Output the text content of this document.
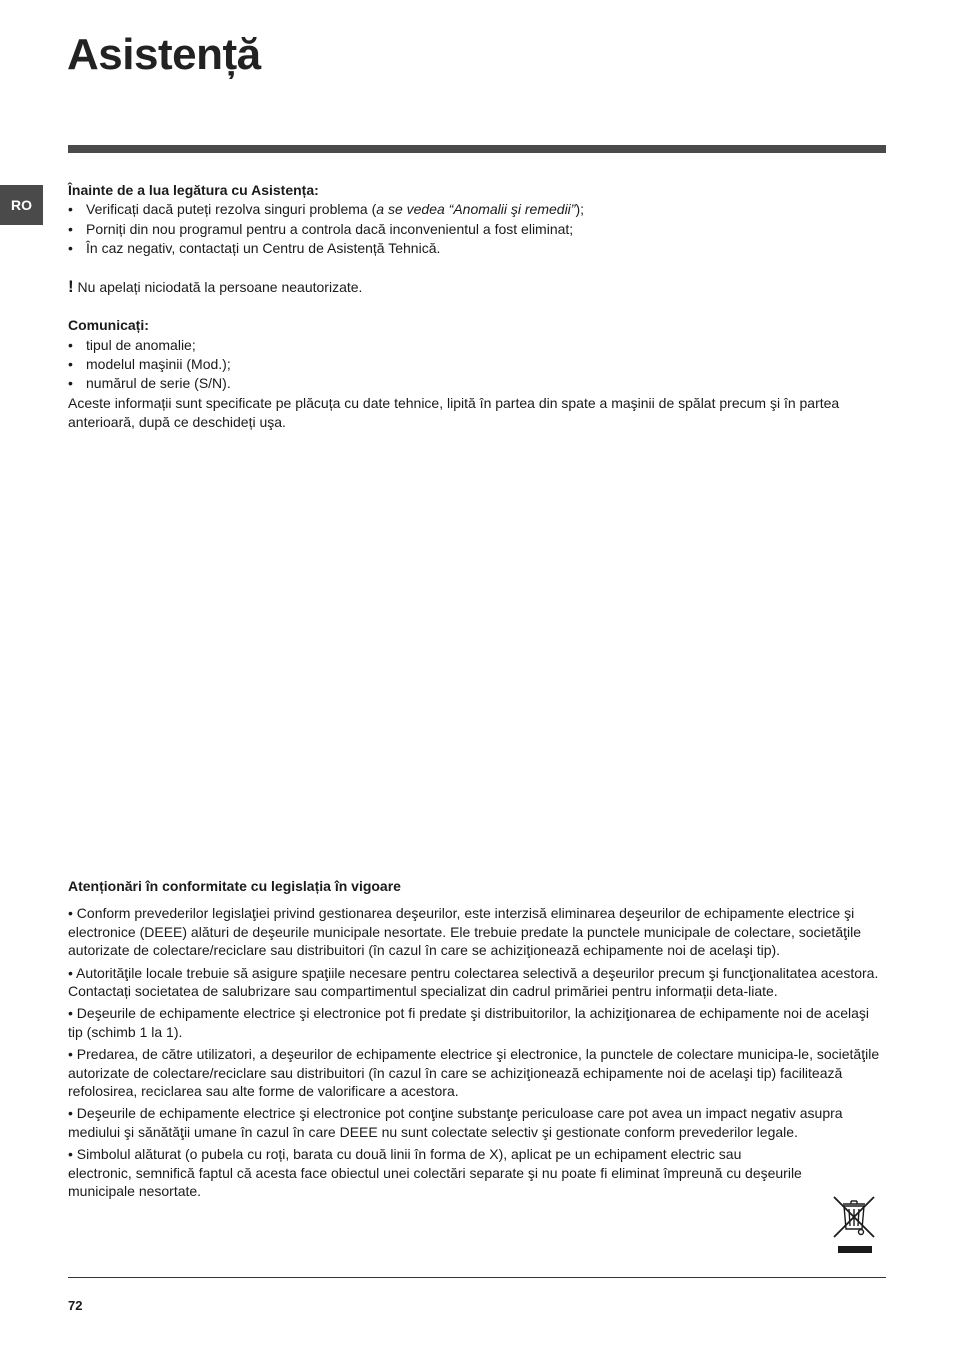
Asistență
RO

Înainte de a lua legătura cu Asistența:

• Verificați dacă puteți rezolva singuri problema (a se vedea “Anomalii şi remedii”);
• Porniți din nou programul pentru a controla dacă inconvenientul a fost eliminat;
• În caz negativ, contactați un Centru de Asistență Tehnică.

! Nu apelați niciodată la persoane neautorizate.

Comunicați:

• tipul de anomalie;
• modelul maşinii (Mod.);
• numărul de serie (S/N).

Aceste informații sunt specificate pe plăcuța cu date tehnice, lipită în partea din spate a maşinii de spălat precum şi în partea anterioară, după ce deschideți uşa.

Atenționări în conformitate cu legislația în vigoare

• Conform prevederilor legislaţiei privind gestionarea deşeurilor, este interzisă eliminarea deşeurilor de echipamente electrice şi electronice (DEEE) alături de deşeurile municipale nesortate. Ele trebuie predate la punctele municipale de colectare, societăţile autorizate de colectare/reciclare sau distribuitori (în cazul în care se achiziţionează echipamente noi de acelaşi tip).

• Autorităţile locale trebuie să asigure spaţiile necesare pentru colectarea selectivă a deşeurilor precum şi funcţionalitatea acestora. Contactați societatea de salubrizare sau compartimentul specializat din cadrul primăriei pentru informații deta-liate.

• Deşeurile de echipamente electrice şi electronice pot fi predate şi distribuitorilor, la achiziţionarea de echipamente noi de acelaşi tip (schimb 1 la 1).

• Predarea, de către utilizatori, a deşeurilor de echipamente electrice şi electronice, la punctele de colectare municipa-le, societăţile autorizate de colectare/reciclare sau distribuitori (în cazul în care se achiziţionează echipamente noi de acelaşi tip) facilitează refolosirea, reciclarea sau alte forme de valorificare a acestora.

• Deşeurile de echipamente electrice şi electronice pot conţine substanţe periculoase care pot avea un impact negativ asupra mediului şi sănătăţii umane în cazul în care DEEE nu sunt colectate selectiv şi gestionate conform prevederilor legale.

• Simbolul alăturat (o pubela cu roți, barata cu două linii în forma de X), aplicat pe un echipament electric sau electronic, semnifică faptul că acesta face obiectul unei colectări separate şi nu poate fi eliminat împreună cu deşeurile municipale nesortate.

72
